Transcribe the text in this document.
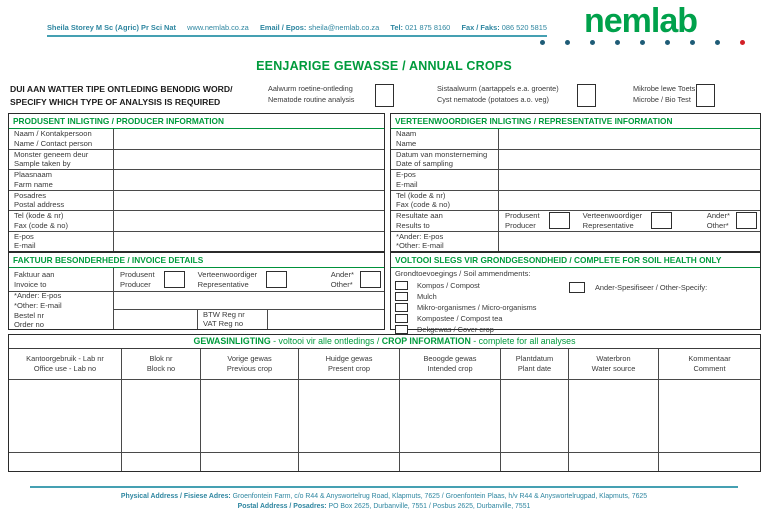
Sheila Storey M Sc (Agric) Pr Sci Nat www.nemlab.co.za Email / Epos: sheila@nemlab.co.za Tel: 021 875 8160 Fax / Faks: 086 520 5815 nemlab
EENJARIGE GEWASSE / ANNUAL CROPS
DUI AAN WATTER TIPE ONTLEDING BENODIG WORD/
SPECIFY WHICH TYPE OF ANALYSIS IS REQUIRED
Aalwurm roetine-ontleding
Nematode routine analysis
Sistaalwurm (aartappels e.a. groente)
Cyst nematode (potatoes a.o. veg)
Mikrobe lewe Toets
Microbe / Bio Test
PRODUSENT INLIGTING / PRODUCER INFORMATION
Naam / Kontakpersoon
Name / Contact person
Monster geneem deur
Sample taken by
Plaasnaam
Farm name
Posadres
Postal address
Tel (kode & nr)
Fax (code & no)
E-pos
E-mail
VERTEENWOORDIGER INLIGTING / REPRESENTATIVE INFORMATION
Naam
Name
Datum van monsterneming
Date of sampling
E-pos
E-mail
Tel (kode & nr)
Fax (code & no)
Resultate aan
Results to
Produsent
Producer
Verteenwoordiger
Representative
Ander*
Other*
*Ander: E-pos
*Other: E-mail
FAKTUUR BESONDERHEDE / INVOICE DETAILS
Faktuur aan
Invoice to
Produsent
Producer
Verteenwoordiger
Representative
Ander*
Other*
*Ander: E-pos
*Other: E-mail
Bestel nr
Order no
BTW Reg nr
VAT Reg no
VOLTOOI SLEGS VIR GRONDGESONDHEID / COMPLETE FOR SOIL HEALTH ONLY
Grondtoevoegings / Soil ammendments:
Kompos / Compost
Mulch
Mikro-organismes / Micro-organisms
Kompostee / Compost tea
Dekgewas / Cover crop
Ander-Spesifiseer / Other-Specify:
GEWASINLIGTING - voltooi vir alle ontledings / CROP INFORMATION - complete for all analyses
Kantoorgebruik - Lab nr
Office use - Lab no
Blok nr
Block no
Vorige gewas
Previous crop
Huidge gewas
Present crop
Beoogde gewas
Intended crop
Plantdatum
Plant date
Waterbron
Water source
Kommentaar
Comment
Physical Address / Fisiese Adres: Groenfontein Farm, c/o R44 & Anyswortelrug Road, Klapmuts, 7625 / Groenfontein Plaas, h/v R44 & Anyswortelrugpad, Klapmuts, 7625
Postal Address / Posadres: PO Box 2625, Durbanville, 7551 / Posbus 2625, Durbanville, 7551
